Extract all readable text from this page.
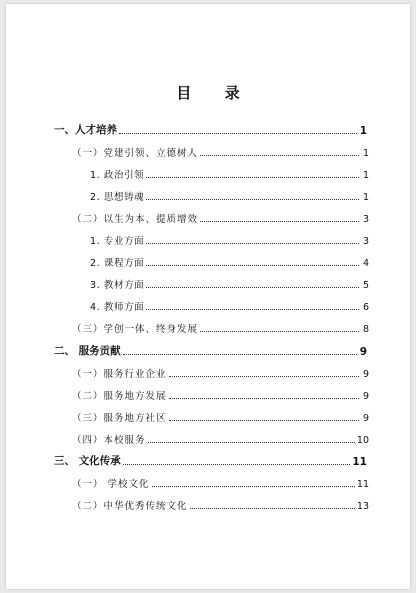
目 录
一、人才培养	1
（一）党建引领、立德树人	1
1. 政治引领	1
2. 思想铸魂	1
（二）以生为本、提质增效	3
1. 专业方面	3
2. 课程方面	4
3. 教材方面	5
4. 教师方面	6
（三）学创一体、终身发展	8
二、 服务贡献	9
（一）服务行业企业	9
（二）服务地方发展	9
（三）服务地方社区	9
（四）本校服务	10
三、 文化传承	11
（一） 学校文化	11
（二）中华优秀传统文化	13
